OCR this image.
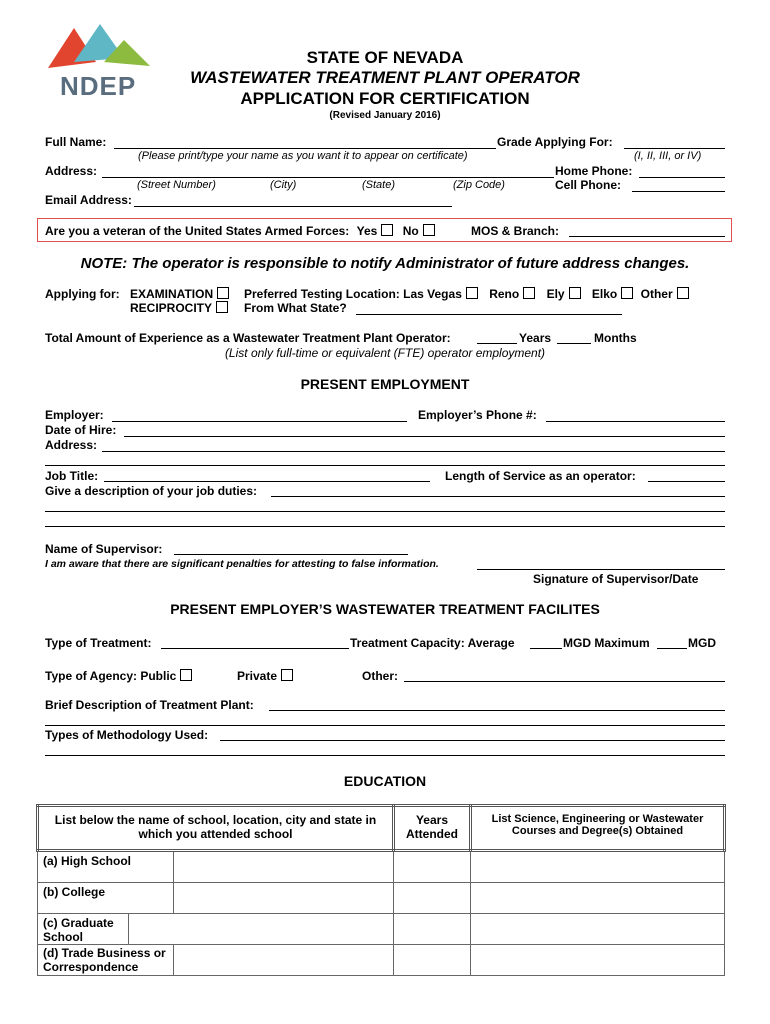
NDEP
STATE OF NEVADA
WASTEWATER TREATMENT PLANT OPERATOR
APPLICATION FOR CERTIFICATION
(Revised January 2016)
Full Name:	Grade Applying For:
(Please print/type your name as you want it to appear on certificate)	(I, II, III, or IV)
Address:	Home Phone:
(Street Number)	(City)	(State)	(Zip Code)	Cell Phone:
Email Address:
Are you a veteran of the United States Armed Forces: Yes No	MOS & Branch:
NOTE: The operator is responsible to notify Administrator of future address changes.
Applying for: EXAMINATION
RECIPROCITY
Preferred Testing Location: Las Vegas Reno Ely Elko Other
From What State?
Total Amount of Experience as a Wastewater Treatment Plant Operator:	Years	Months
(List only full-time or equivalent (FTE) operator employment)
PRESENT EMPLOYMENT
Employer:	Employer’s Phone #:
Date of Hire:
Address:
Job Title:	Length of Service as an operator:
Give a description of your job duties:
Name of Supervisor:
I am aware that there are significant penalties for attesting to false information.
Signature of Supervisor/Date
PRESENT EMPLOYER’S WASTEWATER TREATMENT FACILITES
Type of Treatment:	Treatment Capacity: Average	MGD Maximum	MGD
Type of Agency: Public	Private	Other:
Brief Description of Treatment Plant:
Types of Methodology Used:
EDUCATION
List below the name of school, location, city and state in which you attended school	Years Attended	List Science, Engineering or Wastewater Courses and Degree(s) Obtained

(a) High School		

(b) College		

(c) Graduate School		

(d) Trade Business or Correspondence		
